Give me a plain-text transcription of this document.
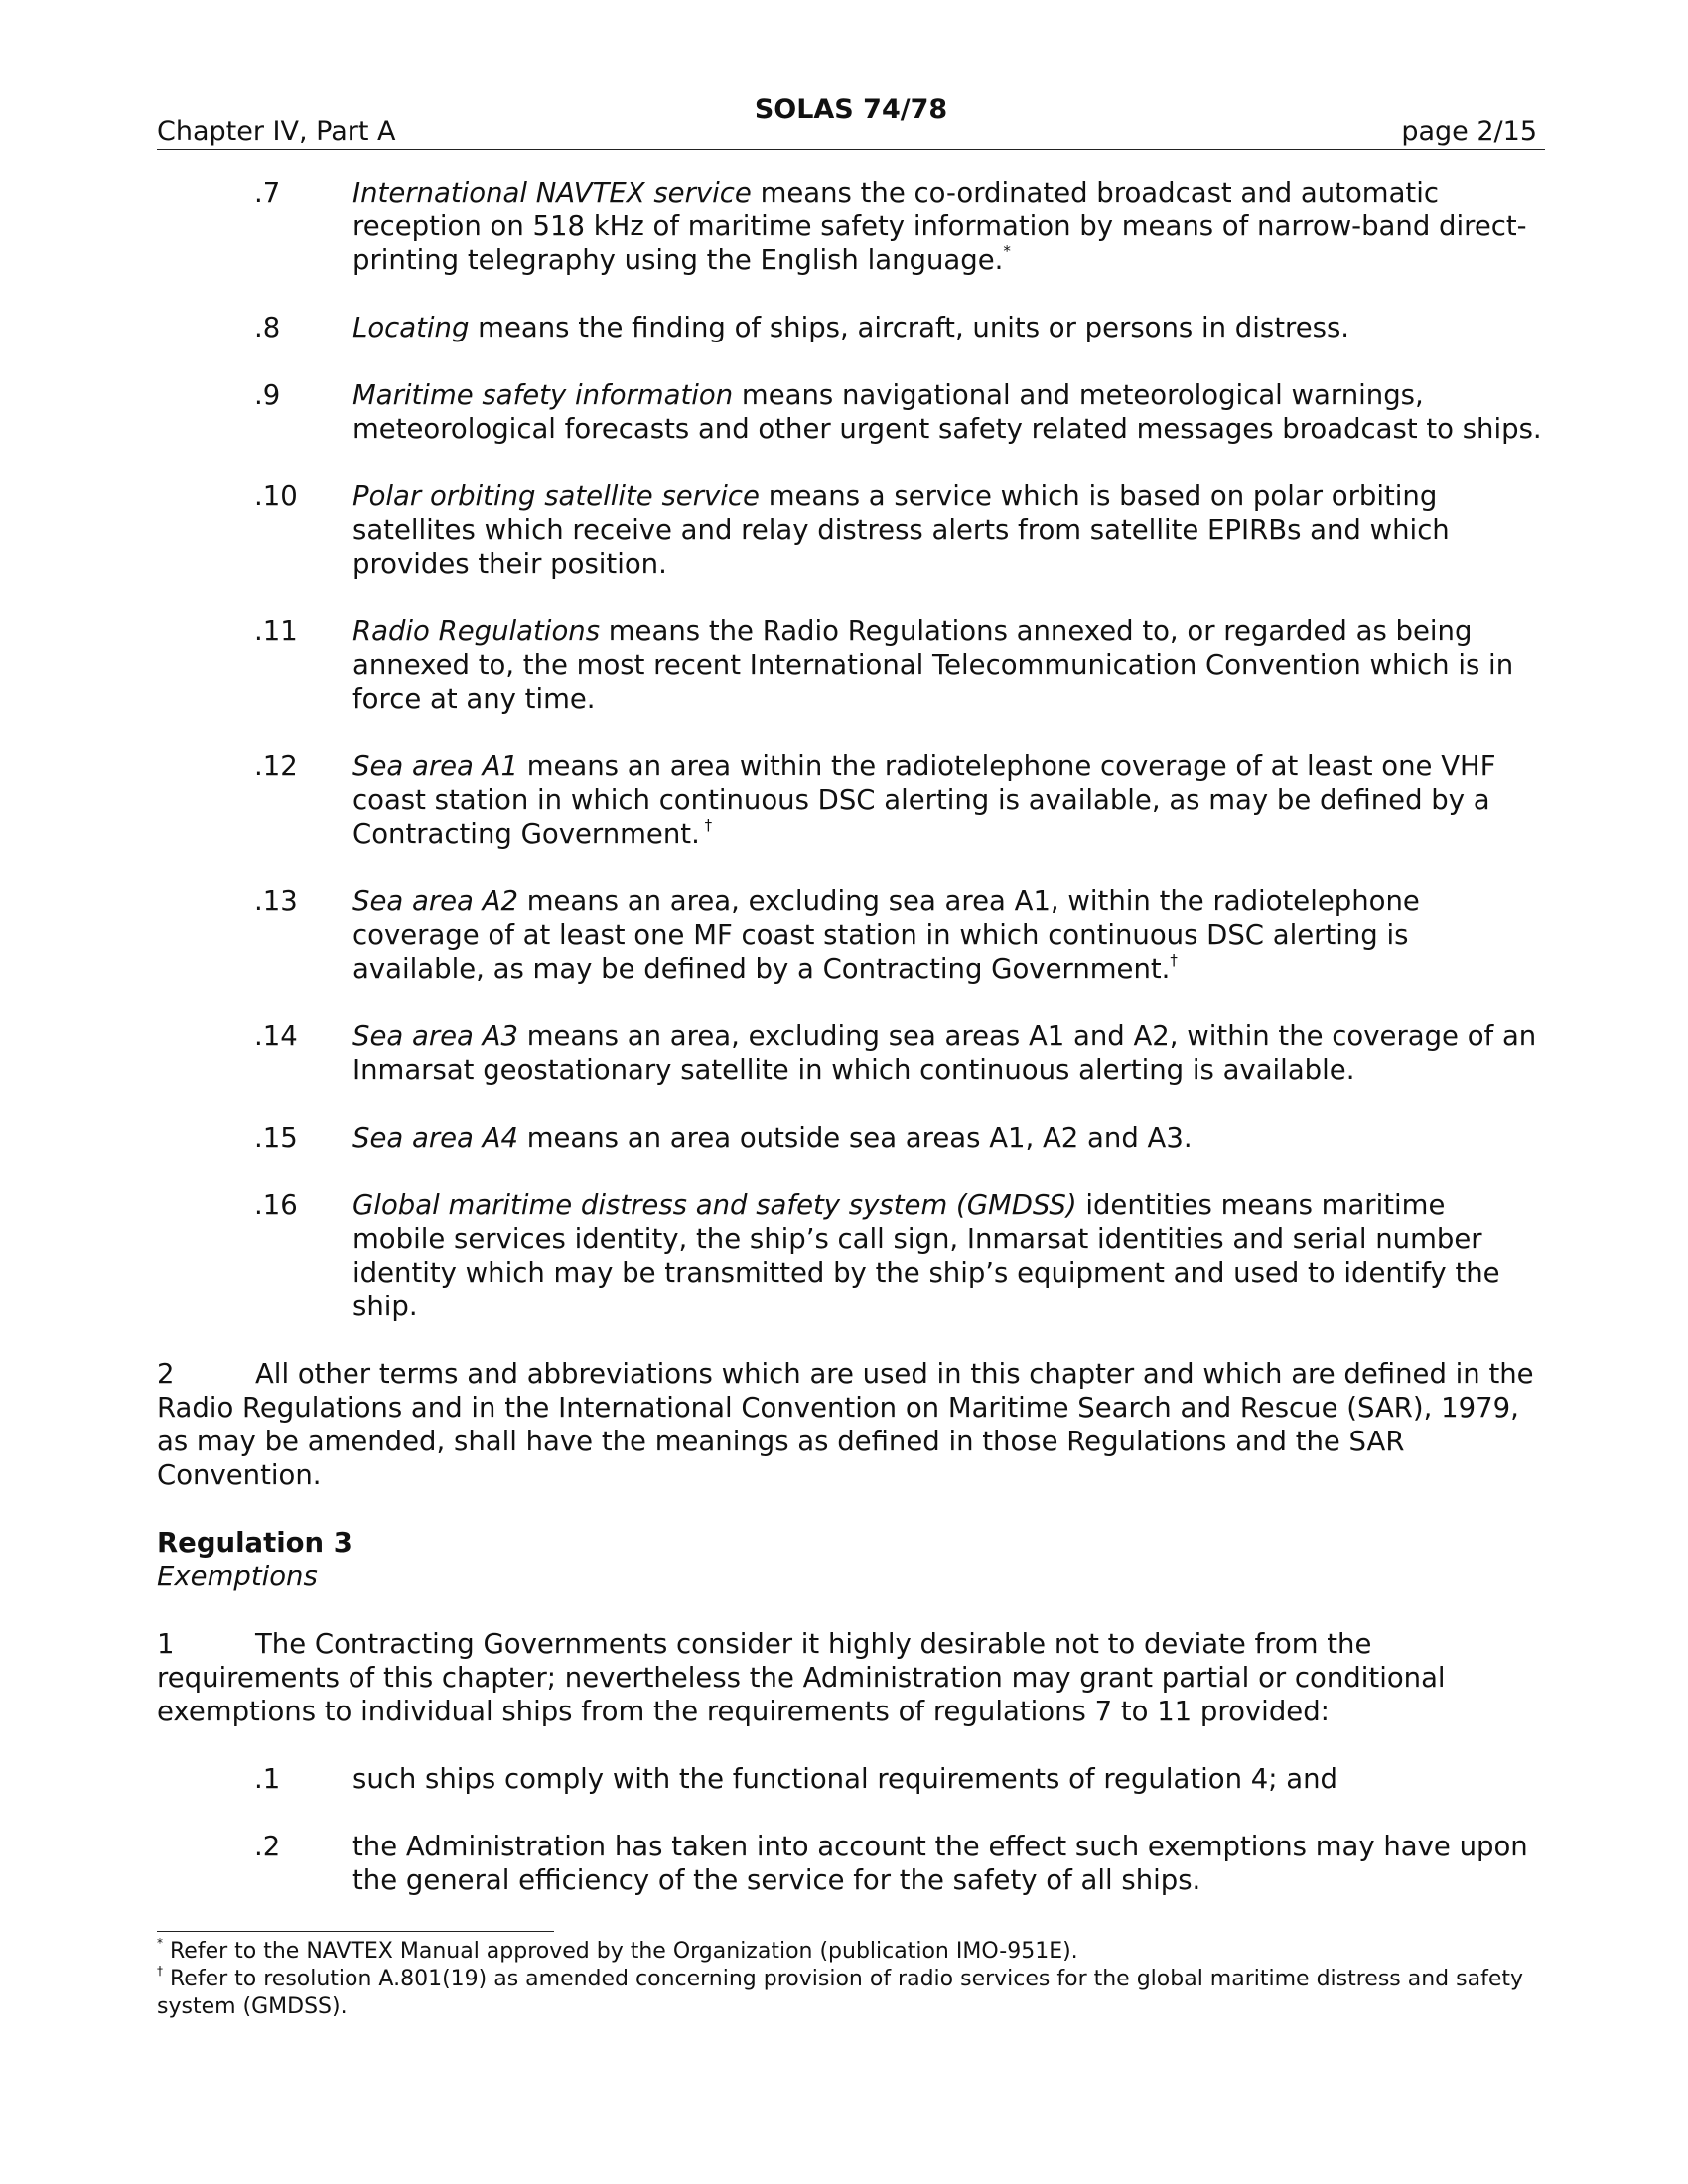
Chapter IV, Part A
SOLAS 74/78
page 2/15
.7	International NAVTEX service means the co-ordinated broadcast and automatic reception on 518 kHz of maritime safety information by means of narrow-band direct-printing telegraphy using the English language.*
.8	Locating means the finding of ships, aircraft, units or persons in distress.
.9	Maritime safety information means navigational and meteorological warnings, meteorological forecasts and other urgent safety related messages broadcast to ships.
.10	Polar orbiting satellite service means a service which is based on polar orbiting satellites which receive and relay distress alerts from satellite EPIRBs and which provides their position.
.11	Radio Regulations means the Radio Regulations annexed to, or regarded as being annexed to, the most recent International Telecommunication Convention which is in force at any time.
.12	Sea area A1 means an area within the radiotelephone coverage of at least one VHF coast station in which continuous DSC alerting is available, as may be defined by a Contracting Government. †
.13	Sea area A2 means an area, excluding sea area A1, within the radiotelephone coverage of at least one MF coast station in which continuous DSC alerting is available, as may be defined by a Contracting Government.†
.14	Sea area A3 means an area, excluding sea areas A1 and A2, within the coverage of an Inmarsat geostationary satellite in which continuous alerting is available.
.15	Sea area A4 means an area outside sea areas A1, A2 and A3.
.16	Global maritime distress and safety system (GMDSS) identities means maritime mobile services identity, the ship’s call sign, Inmarsat identities and serial number identity which may be transmitted by the ship’s equipment and used to identify the ship.

2	All other terms and abbreviations which are used in this chapter and which are defined in the Radio Regulations and in the International Convention on Maritime Search and Rescue (SAR), 1979, as may be amended, shall have the meanings as defined in those Regulations and the SAR Convention.

Regulation 3

Exemptions

1	The Contracting Governments consider it highly desirable not to deviate from the requirements of this chapter; nevertheless the Administration may grant partial or conditional exemptions to individual ships from the requirements of regulations 7 to 11 provided:

.1	such ships comply with the functional requirements of regulation 4; and
.2	the Administration has taken into account the effect such exemptions may have upon the general efficiency of the service for the safety of all ships.
* Refer to the NAVTEX Manual approved by the Organization (publication IMO-951E).
† Refer to resolution A.801(19) as amended concerning provision of radio services for the global maritime distress and safety system (GMDSS).
